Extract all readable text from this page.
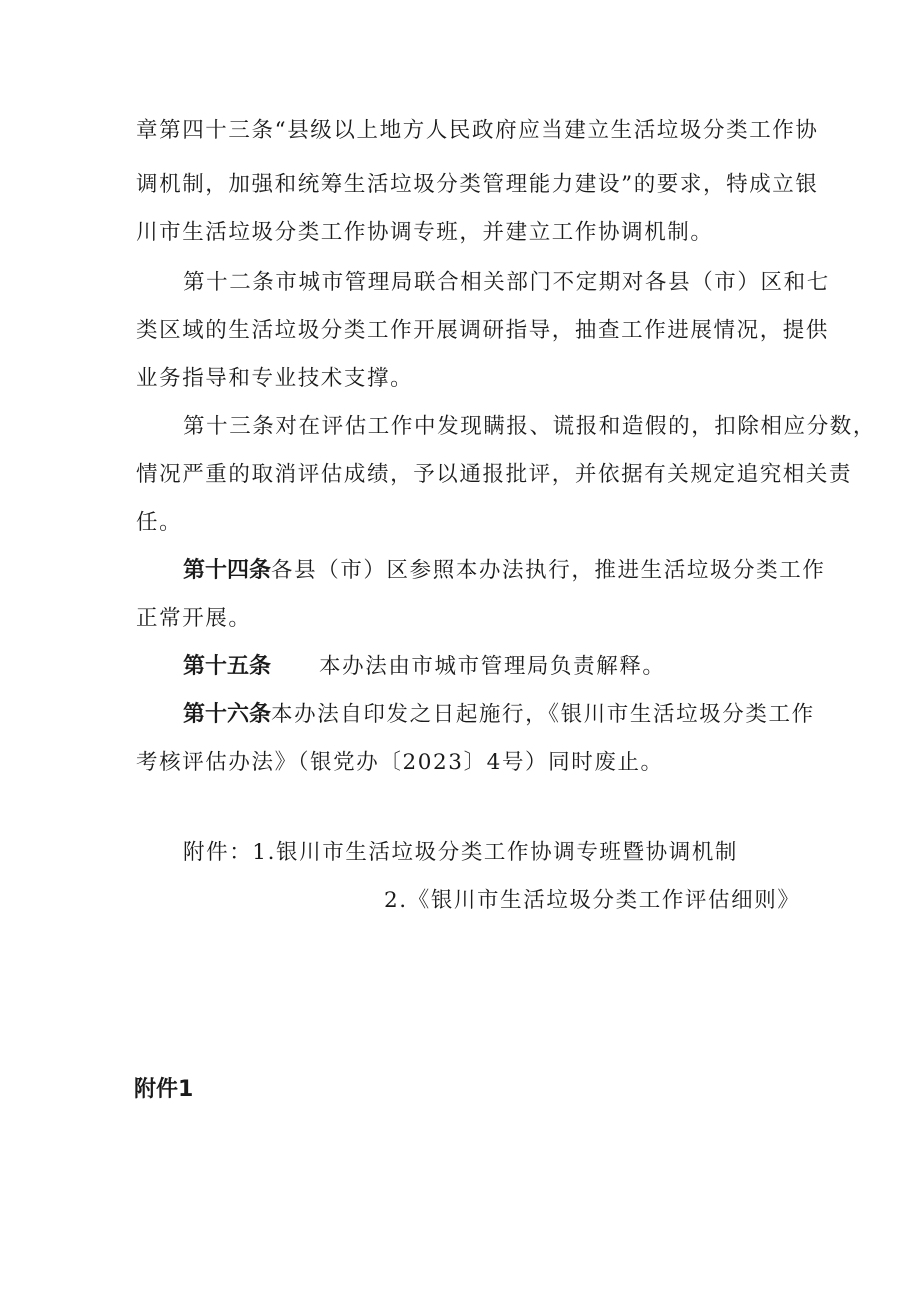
章第四十三条“县级以上地方人民政府应当建立生活垃圾分类工作协
调机制，加强和统筹生活垃圾分类管理能力建设”的要求，特成立银
川市生活垃圾分类工作协调专班，并建立工作协调机制。
第十二条市城市管理局联合相关部门不定期对各县（市）区和七
类区域的生活垃圾分类工作开展调研指导，抽查工作进展情况，提供
业务指导和专业技术支撑。
第十三条对在评估工作中发现瞒报、谎报和造假的，扣除相应分数，
情况严重的取消评估成绩，予以通报批评，并依据有关规定追究相关责
任。
第十四条各县（市）区参照本办法执行，推进生活垃圾分类工作
正常开展。
第十五条 本办法由市城市管理局负责解释。
第十六条本办法自印发之日起施行，《银川市生活垃圾分类工作
考核评估办法》（银党办〔2023〕4号）同时废止。
附件：1.银川市生活垃圾分类工作协调专班暨协调机制
2.《银川市生活垃圾分类工作评估细则》
附件1
